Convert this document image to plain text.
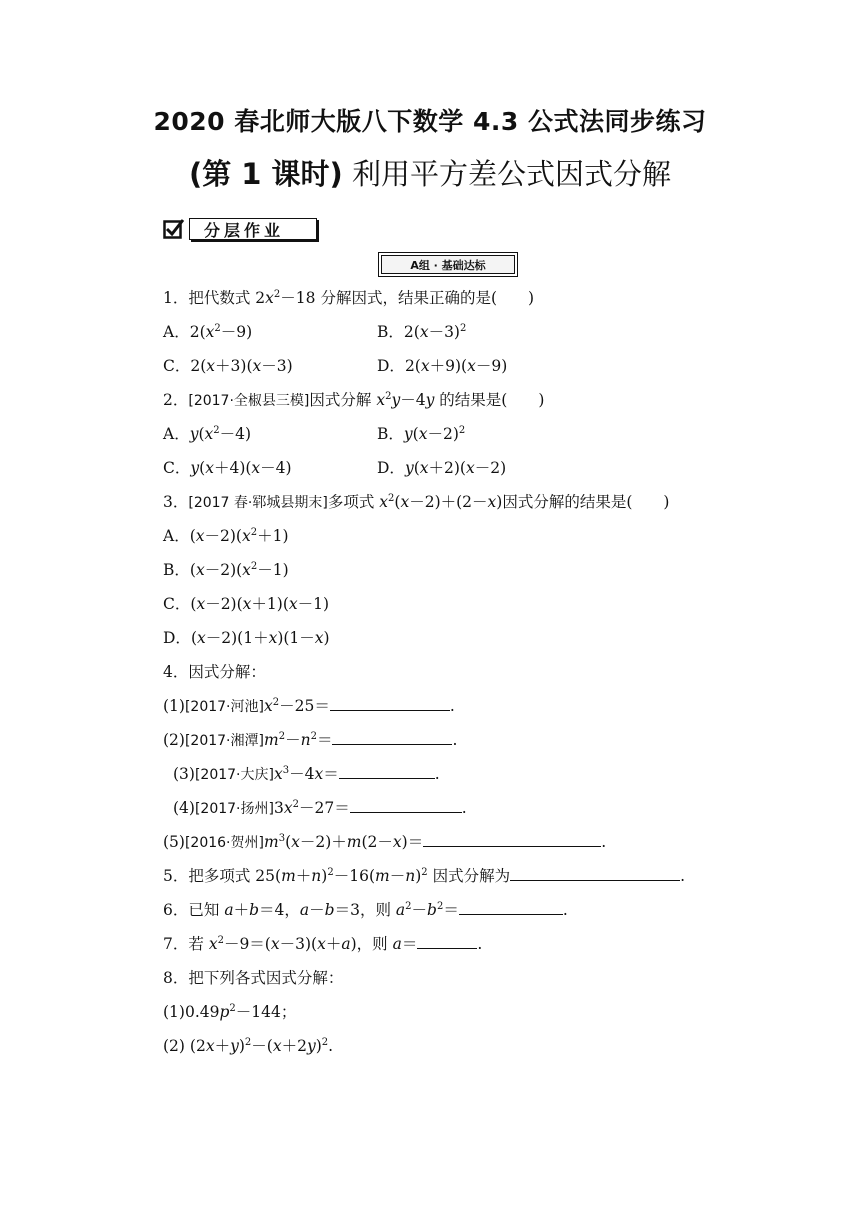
2020 春北师大版八下数学 4.3 公式法同步练习
(第 1 课时) 利用平方差公式因式分解
分层作业
A组 · 基础达标
1．把代数式 $2x^2-18$ 分解因式，结果正确的是(　　)
A．$2(x^2-9)$	B．$2(x-3)^2$
C．2(x＋3)(x－3)	D．2(x＋9)(x－9)
2．[2017·全椒县三模]因式分解 $x^2y-4y$ 的结果是(　　)
A．$y(x^2-4)$	B．$y(x-2)^2$
C．y(x＋4)(x－4)	D．y(x＋2)(x－2)
3．[2017 春·郓城县期末]多项式 $x^2(x-2)+(2-x)$因式分解的结果是(　　)
A．$(x-2)(x^2+1)$
B．$(x-2)(x^2-1)$
C．(x－2)(x＋1)(x－1)
D．(x－2)(1＋x)(1－x)
4．因式分解：
(1)[2017·河池]$x^2-25=$	.
(2)[2017·湘潭]$m^2-n^2=$	.
(3)[2017·大庆]$x^3-4x=$	.
(4)[2017·扬州]$3x^2-27=$	.
(5)[2016·贺州]$m^3(x-2)+m(2-x)=$	.
5．把多项式 $25(m+n)^2-16(m-n)^2$ 因式分解为	.
6．已知 a＋b＝4，a－b＝3，则 $a^2-b^2=$	.
7．若 $x^2-9=(x-3)(x+a)$，则 a＝	.
8．把下列各式因式分解：
$(1)0.49p^2-144$；
(2) $(2x+y)^2-(x+2y)^2$.
